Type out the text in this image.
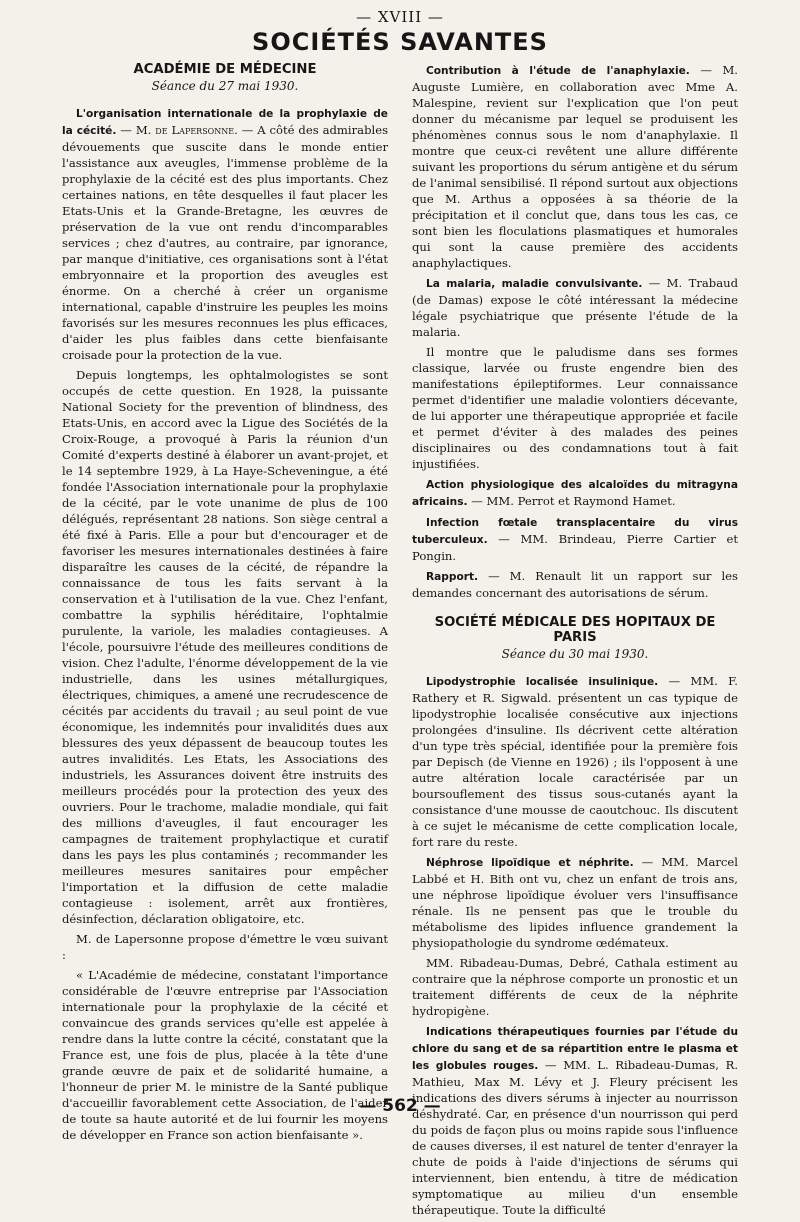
— XVIII —
SOCIÉTÉS SAVANTES
ACADÉMIE DE MÉDECINE
Séance du 27 mai 1930.

L'organisation internationale de la prophylaxie de la cécité. — M. de Lapersonne. — A côté des admirables dévouements que suscite dans le monde entier l'assistance aux aveugles, l'immense problème de la prophylaxie de la cécité est des plus importants. Chez certaines nations, en tête desquelles il faut placer les Etats-Unis et la Grande-Bretagne, les œuvres de préservation de la vue ont rendu d'incomparables services ; chez d'autres, au contraire, par ignorance, par manque d'initiative, ces organisations sont à l'état embryonnaire et la proportion des aveugles est énorme. On a cherché à créer un organisme international, capable d'instruire les peuples les moins favorisés sur les mesures reconnues les plus efficaces, d'aider les plus faibles dans cette bienfaisante croisade pour la protection de la vue.

Depuis longtemps, les ophtalmologistes se sont occupés de cette question. En 1928, la puissante National Society for the prevention of blindness, des Etats-Unis, en accord avec la Ligue des Sociétés de la Croix-Rouge, a provoqué à Paris la réunion d'un Comité d'experts destiné à élaborer un avant-projet, et le 14 septembre 1929, à La Haye-Scheveningue, a été fondée l'Association internationale pour la prophylaxie de la cécité, par le vote unanime de plus de 100 délégués, représentant 28 nations. Son siège central a été fixé à Paris. Elle a pour but d'encourager et de favoriser les mesures internationales destinées à faire disparaître les causes de la cécité, de répandre la connaissance de tous les faits servant à la conservation et à l'utilisation de la vue. Chez l'enfant, combattre la syphilis héréditaire, l'ophtalmie purulente, la variole, les maladies contagieuses. A l'école, poursuivre l'étude des meilleures conditions de vision. Chez l'adulte, l'énorme développement de la vie industrielle, dans les usines métallurgiques, électriques, chimiques, a amené une recrudescence de cécités par accidents du travail ; au seul point de vue économique, les indemnités pour invalidités dues aux blessures des yeux dépassent de beaucoup toutes les autres invalidités. Les Etats, les Associations des industriels, les Assurances doivent être instruits des meilleurs procédés pour la protection des yeux des ouvriers. Pour le trachome, maladie mondiale, qui fait des millions d'aveugles, il faut encourager les campagnes de traitement prophylactique et curatif dans les pays les plus contaminés ; recommander les meilleures mesures sanitaires pour empêcher l'importation et la diffusion de cette maladie contagieuse : isolement, arrêt aux frontières, désinfection, déclaration obligatoire, etc.

M. de Lapersonne propose d'émettre le vœu suivant :

« L'Académie de médecine, constatant l'importance considérable de l'œuvre entreprise par l'Association internationale pour la prophylaxie de la cécité et convaincue des grands services qu'elle est appelée à rendre dans la lutte contre la cécité, constatant que la France est, une fois de plus, placée à la tête d'une grande œuvre de paix et de solidarité humaine, a l'honneur de prier M. le ministre de la Santé publique d'accueillir favorablement cette Association, de l'aider de toute sa haute autorité et de lui fournir les moyens de développer en France son action bienfaisante ».

Contribution à l'étude de l'anaphylaxie. — M. Auguste Lumière, en collaboration avec Mme A. Malespine, revient sur l'explication que l'on peut donner du mécanisme par lequel se produisent les phénomènes connus sous le nom d'anaphylaxie. Il montre que ceux-ci revêtent une allure différente suivant les proportions du sérum antigène et du sérum de l'animal sensibilisé. Il répond surtout aux objections que M. Arthus a opposées à sa théorie de la précipitation et il conclut que, dans tous les cas, ce sont bien les floculations plasmatiques et humorales qui sont la cause première des accidents anaphylactiques.

La malaria, maladie convulsivante. — M. Trabaud (de Damas) expose le côté intéressant la médecine légale psychiatrique que présente l'étude de la malaria.

Il montre que le paludisme dans ses formes classique, larvée ou fruste engendre bien des manifestations épileptiformes. Leur connaissance permet d'identifier une maladie volontiers décevante, de lui apporter une thérapeutique appropriée et facile et permet d'éviter à des malades des peines disciplinaires ou des condamnations tout à fait injustifiées.

Action physiologique des alcaloïdes du mitragyna africains. — MM. Perrot et Raymond Hamet.

Infection fœtale transplacentaire du virus tuberculeux. — MM. Brindeau, Pierre Cartier et Pongin.

Rapport. — M. Renault lit un rapport sur les demandes concernant des autorisations de sérum.

SOCIÉTÉ MÉDICALE DES HOPITAUX DE PARIS
Séance du 30 mai 1930.

Lipodystrophie localisée insulinique. — MM. F. Rathery et R. Sigwald. présentent un cas typique de lipodystrophie localisée consécutive aux injections prolongées d'insuline. Ils décrivent cette altération d'un type très spécial, identifiée pour la première fois par Depisch (de Vienne en 1926) ; ils l'opposent à une autre altération locale caractérisée par un boursouflement des tissus sous-cutanés ayant la consistance d'une mousse de caoutchouc. Ils discutent à ce sujet le mécanisme de cette complication locale, fort rare du reste.

Néphrose lipoïdique et néphrite. — MM. Marcel Labbé et H. Bith ont vu, chez un enfant de trois ans, une néphrose lipoïdique évoluer vers l'insuffisance rénale. Ils ne pensent pas que le trouble du métabolisme des lipides influence grandement la physiopathologie du syndrome œdémateux.

MM. Ribadeau-Dumas, Debré, Cathala estiment au contraire que la néphrose comporte un pronostic et un traitement différents de ceux de la néphrite hydropigène.

Indications thérapeutiques fournies par l'étude du chlore du sang et de sa répartition entre le plasma et les globules rouges. — MM. L. Ribadeau-Dumas, R. Mathieu, Max M. Lévy et J. Fleury précisent les indications des divers sérums à injecter au nourrisson déshydraté. Car, en présence d'un nourrisson qui perd du poids de façon plus ou moins rapide sous l'influence de causes diverses, il est naturel de tenter d'enrayer la chute de poids à l'aide d'injections de sérums qui interviennent, bien entendu, à titre de médication symptomatique au milieu d'un ensemble thérapeutique. Toute la difficulté

— 562 —
